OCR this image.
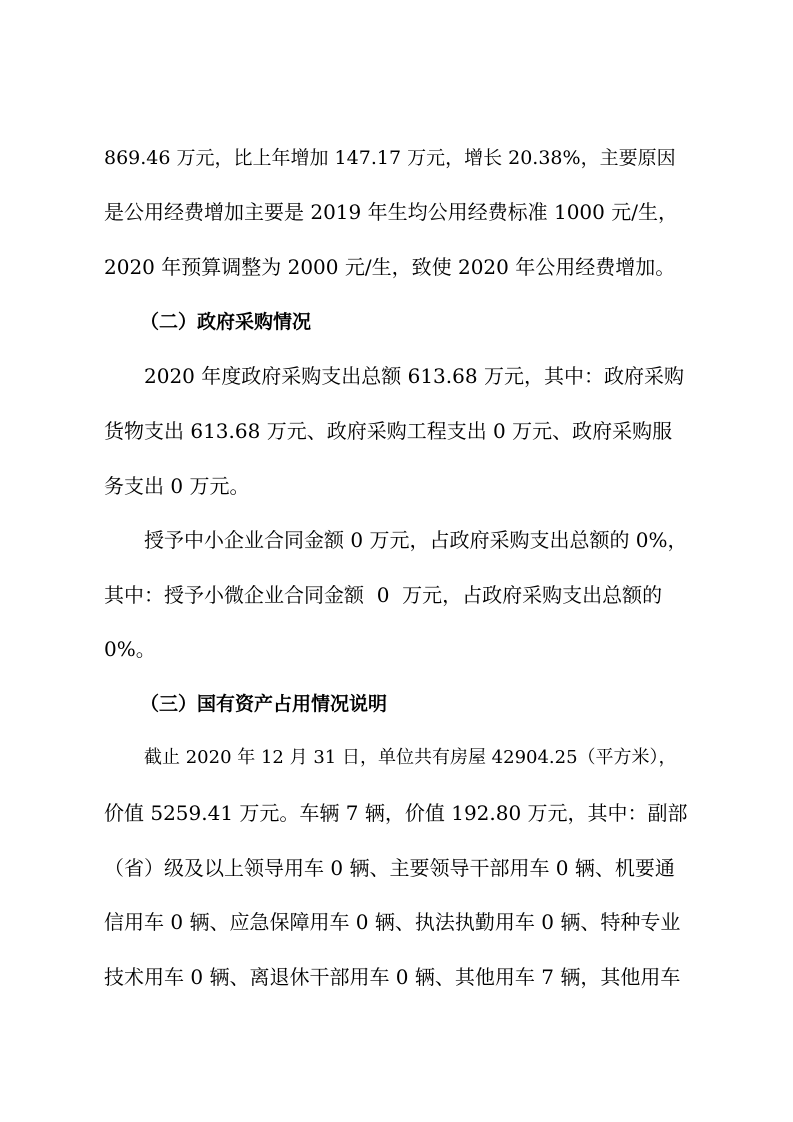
869.46 万元，比上年增加 147.17 万元，增长 20.38%，主要原因
是公用经费增加主要是 2019 年生均公用经费标准 1000 元/生，
2020 年预算调整为 2000 元/生，致使 2020 年公用经费增加。
（二）政府采购情况
2020 年度政府采购支出总额 613.68 万元，其中：政府采购
货物支出 613.68 万元、政府采购工程支出 0 万元、政府采购服
务支出 0 万元。
授予中小企业合同金额 0 万元，占政府采购支出总额的 0%，
其中：授予小微企业合同金额  0  万元，占政府采购支出总额的
0%。
（三）国有资产占用情况说明
截止 2020 年 12 月 31 日，单位共有房屋 42904.25（平方米），
价值 5259.41 万元。车辆 7 辆，价值 192.80 万元，其中：副部
（省）级及以上领导用车 0 辆、主要领导干部用车 0 辆、机要通
信用车 0 辆、应急保障用车 0 辆、执法执勤用车 0 辆、特种专业
技术用车 0 辆、离退休干部用车 0 辆、其他用车 7 辆，其他用车
